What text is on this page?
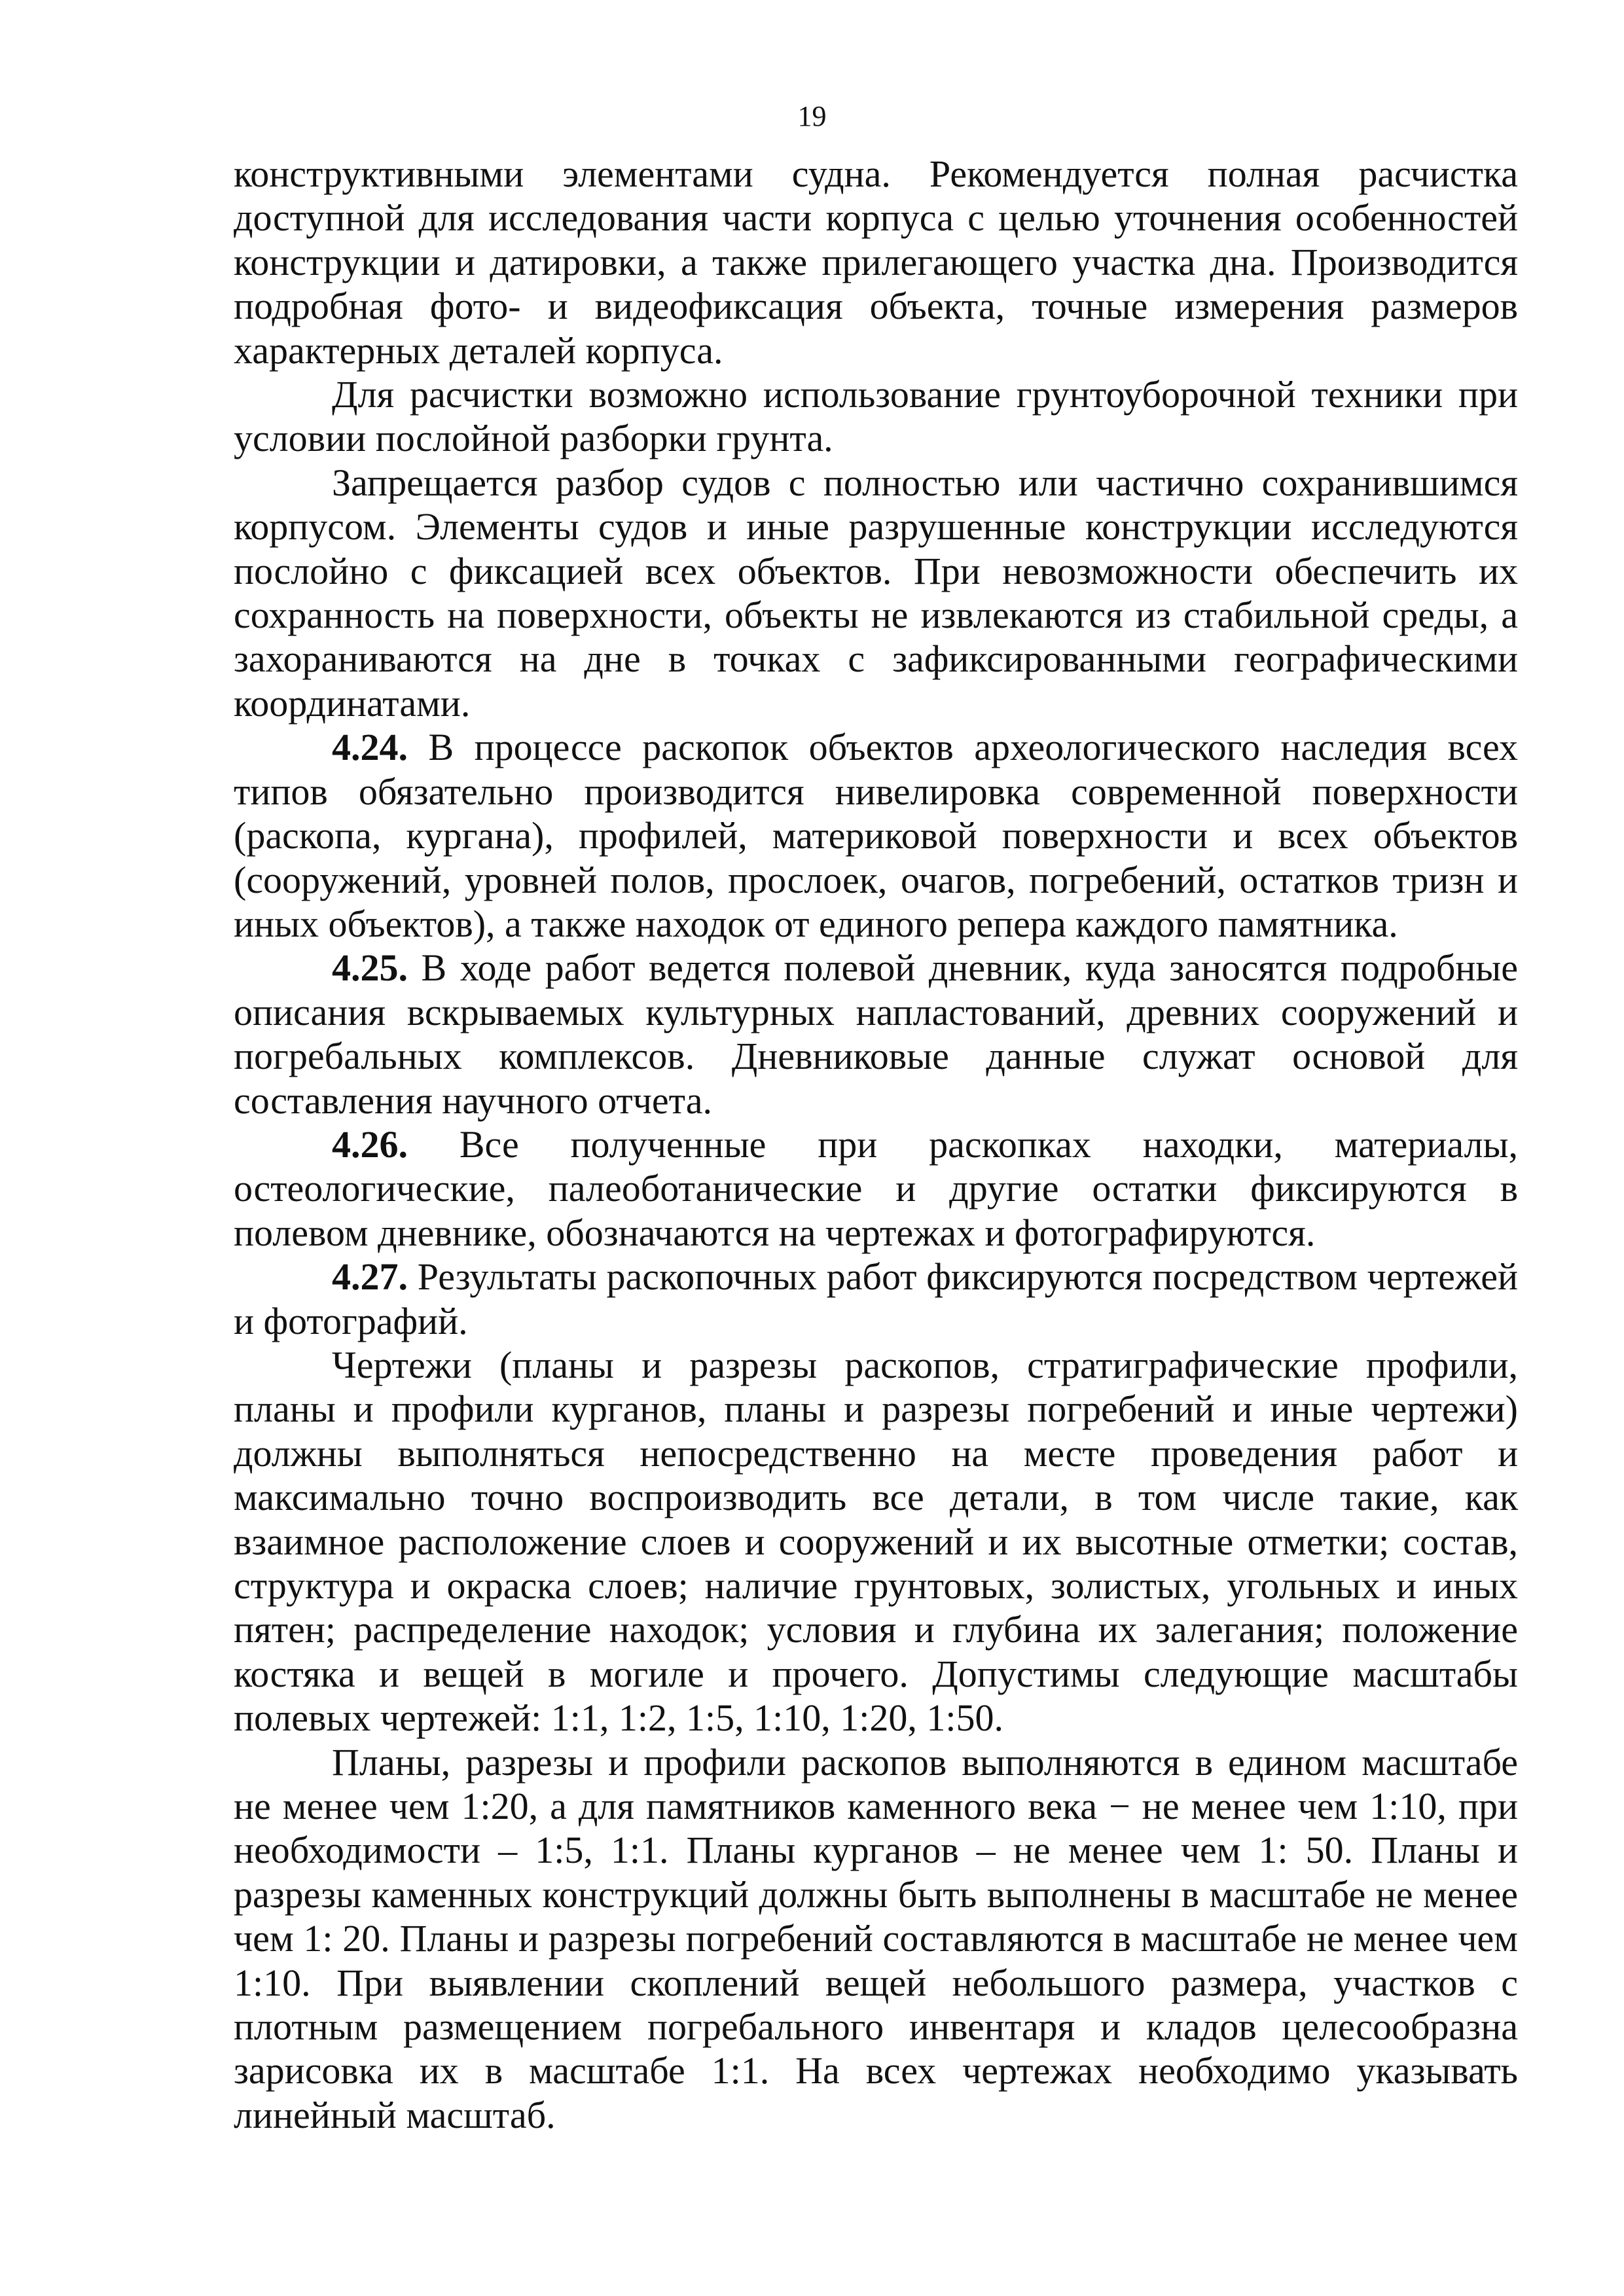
19

конструктивными элементами судна. Рекомендуется полная расчистка доступной для исследования части корпуса с целью уточнения особенностей конструкции и датировки, а также прилегающего участка дна. Производится подробная фото- и видеофиксация объекта, точные измерения размеров характерных деталей корпуса.

Для расчистки возможно использование грунтоуборочной техники при условии послойной разборки грунта.

Запрещается разбор судов с полностью или частично сохранившимся корпусом. Элементы судов и иные разрушенные конструкции исследуются послойно с фиксацией всех объектов. При невозможности обеспечить их сохранность на поверхности, объекты не извлекаются из стабильной среды, а захораниваются на дне в точках с зафиксированными географическими координатами.

4.24. В процессе раскопок объектов археологического наследия всех типов обязательно производится нивелировка современной поверхности (раскопа, кургана), профилей, материковой поверхности и всех объектов (сооружений, уровней полов, прослоек, очагов, погребений, остатков тризн и иных объектов), а также находок от единого репера каждого памятника.

4.25. В ходе работ ведется полевой дневник, куда заносятся подробные описания вскрываемых культурных напластований, древних сооружений и погребальных комплексов. Дневниковые данные служат основой для составления научного отчета.

4.26. Все полученные при раскопках находки, материалы, остеологические, палеоботанические и другие остатки фиксируются в полевом дневнике, обозначаются на чертежах и фотографируются.

4.27. Результаты раскопочных работ фиксируются посредством чертежей и фотографий.

Чертежи (планы и разрезы раскопов, стратиграфические профили, планы и профили курганов, планы и разрезы погребений и иные чертежи) должны выполняться непосредственно на месте проведения работ и максимально точно воспроизводить все детали, в том числе такие, как взаимное расположение слоев и сооружений и их высотные отметки; состав, структура и окраска слоев; наличие грунтовых, золистых, угольных и иных пятен; распределение находок; условия и глубина их залегания; положение костяка и вещей в могиле и прочего. Допустимы следующие масштабы полевых чертежей: 1:1, 1:2, 1:5, 1:10, 1:20, 1:50.

Планы, разрезы и профили раскопов выполняются в едином масштабе не менее чем 1:20, а для памятников каменного века − не менее чем 1:10, при необходимости – 1:5, 1:1. Планы курганов – не менее чем 1: 50. Планы и разрезы каменных конструкций должны быть выполнены в масштабе не менее чем 1: 20. Планы и разрезы погребений составляются в масштабе не менее чем 1:10. При выявлении скоплений вещей небольшого размера, участков с плотным размещением погребального инвентаря и кладов целесообразна зарисовка их в масштабе 1:1. На всех чертежах необходимо указывать линейный масштаб.
